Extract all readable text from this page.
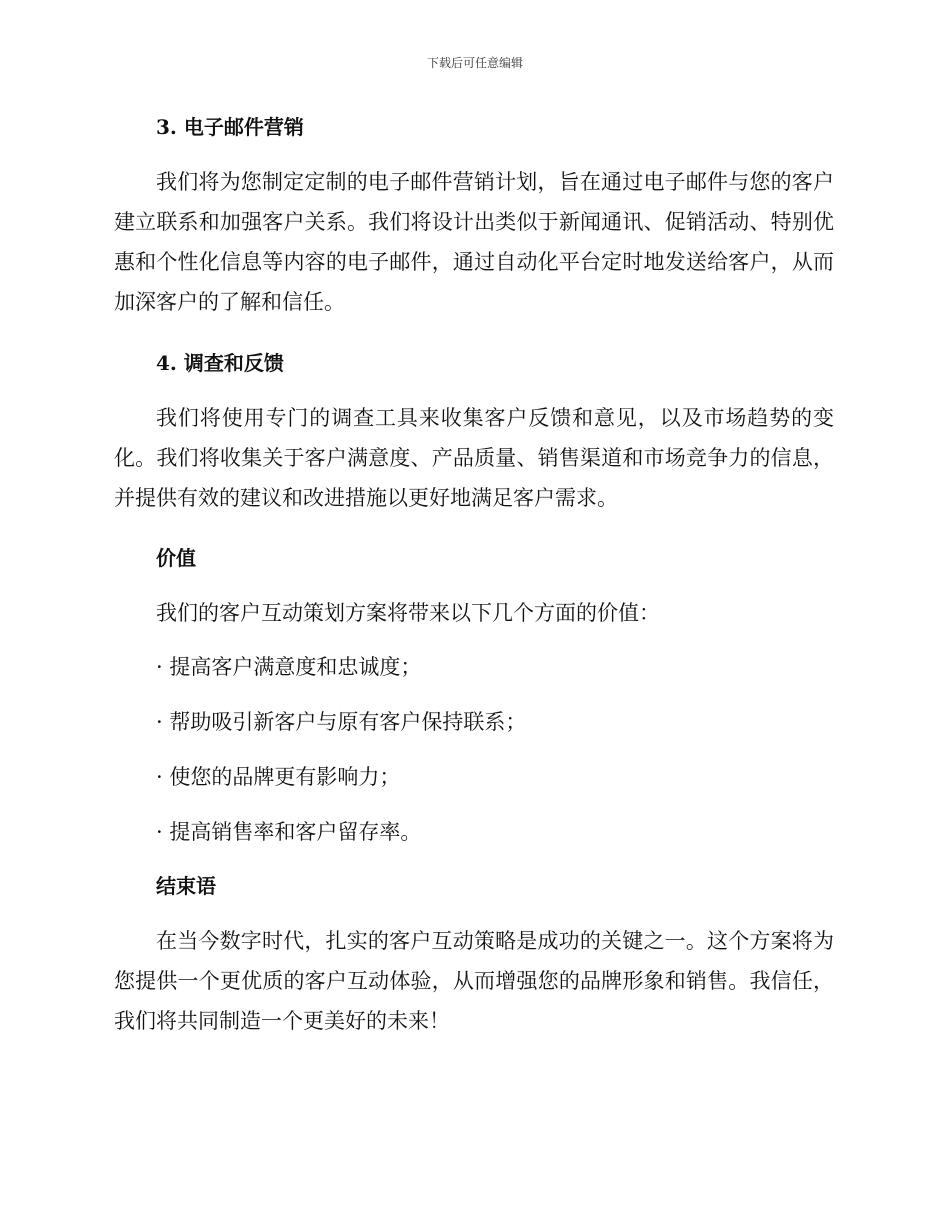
下载后可任意编辑
3. 电子邮件营销

我们将为您制定定制的电子邮件营销计划，旨在通过电子邮件与您的客户建立联系和加强客户关系。我们将设计出类似于新闻通讯、促销活动、特别优惠和个性化信息等内容的电子邮件，通过自动化平台定时地发送给客户，从而加深客户的了解和信任。

4. 调查和反馈

我们将使用专门的调查工具来收集客户反馈和意见，以及市场趋势的变化。我们将收集关于客户满意度、产品质量、销售渠道和市场竞争力的信息，并提供有效的建议和改进措施以更好地满足客户需求。

价值

我们的客户互动策划方案将带来以下几个方面的价值：

· 提高客户满意度和忠诚度；

· 帮助吸引新客户与原有客户保持联系；

· 使您的品牌更有影响力；

· 提高销售率和客户留存率。

结束语

在当今数字时代，扎实的客户互动策略是成功的关键之一。这个方案将为您提供一个更优质的客户互动体验，从而增强您的品牌形象和销售。我信任，我们将共同制造一个更美好的未来！
